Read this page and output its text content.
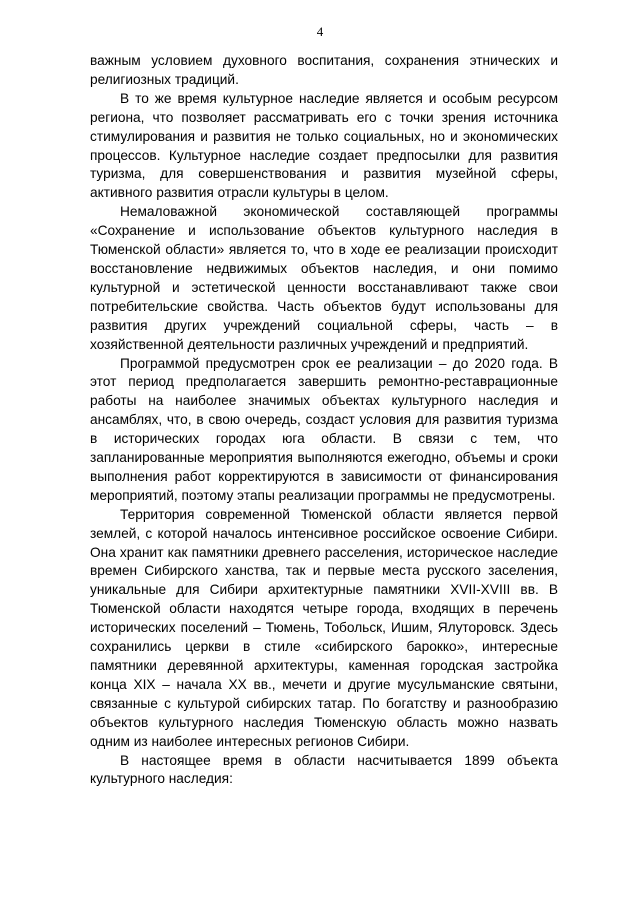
4

важным условием духовного воспитания, сохранения этнических и религиозных традиций.

В то же время культурное наследие является и особым ресурсом региона, что позволяет рассматривать его с точки зрения источника стимулирования и развития не только социальных, но и экономических процессов. Культурное наследие создает предпосылки для развития туризма, для совершенствования и развития музейной сферы, активного развития отрасли культуры в целом.

Немаловажной экономической составляющей программы «Сохранение и использование объектов культурного наследия в Тюменской области» является то, что в ходе ее реализации происходит восстановление недвижимых объектов наследия, и они помимо культурной и эстетической ценности восстанавливают также свои потребительские свойства. Часть объектов будут использованы для развития других учреждений социальной сферы, часть – в хозяйственной деятельности различных учреждений и предприятий.

Программой предусмотрен срок ее реализации – до 2020 года. В этот период предполагается завершить ремонтно-реставрационные работы на наиболее значимых объектах культурного наследия и ансамблях, что, в свою очередь, создаст условия для развития туризма в исторических городах юга области. В связи с тем, что запланированные мероприятия выполняются ежегодно, объемы и сроки выполнения работ корректируются в зависимости от финансирования мероприятий, поэтому этапы реализации программы не предусмотрены.

Территория современной Тюменской области является первой землей, с которой началось интенсивное российское освоение Сибири. Она хранит как памятники древнего расселения, историческое наследие времен Сибирского ханства, так и первые места русского заселения, уникальные для Сибири архитектурные памятники XVII-XVIII вв. В Тюменской области находятся четыре города, входящих в перечень исторических поселений – Тюмень, Тобольск, Ишим, Ялуторовск. Здесь сохранились церкви в стиле «сибирского барокко», интересные памятники деревянной архитектуры, каменная городская застройка конца XIX – начала XX вв., мечети и другие мусульманские святыни, связанные с культурой сибирских татар. По богатству и разнообразию объектов культурного наследия Тюменскую область можно назвать одним из наиболее интересных регионов Сибири.

В настоящее время в области насчитывается 1899 объекта культурного наследия:
